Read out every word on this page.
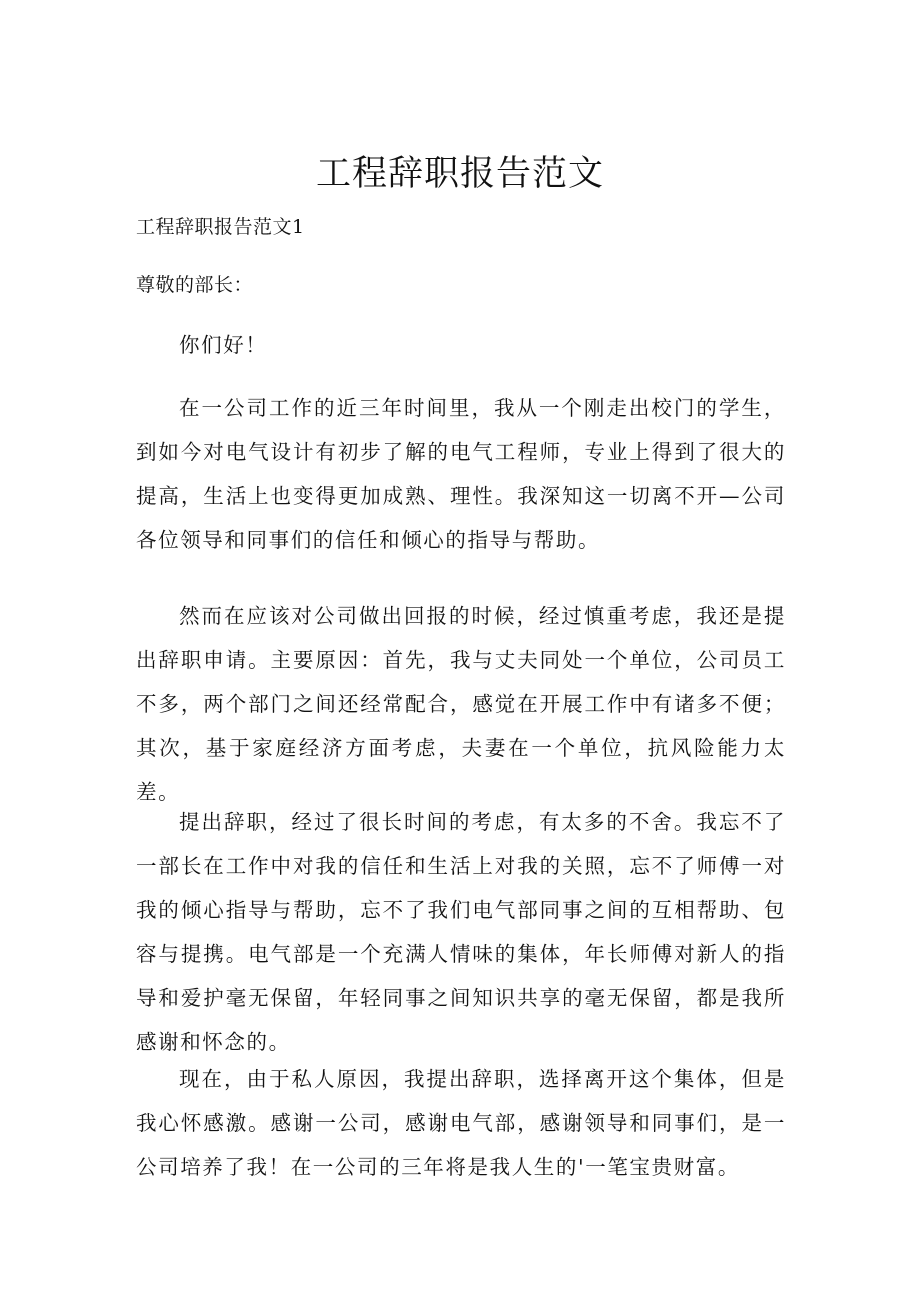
工程辞职报告范文
工程辞职报告范文1
尊敬的部长：

你们好！

在一公司工作的近三年时间里，我从一个刚走出校门的学生，到如今对电气设计有初步了解的电气工程师，专业上得到了很大的提高，生活上也变得更加成熟、理性。我深知这一切离不开—公司各位领导和同事们的信任和倾心的指导与帮助。

然而在应该对公司做出回报的时候，经过慎重考虑，我还是提出辞职申请。主要原因：首先，我与丈夫同处一个单位，公司员工不多，两个部门之间还经常配合，感觉在开展工作中有诸多不便；其次，基于家庭经济方面考虑，夫妻在一个单位，抗风险能力太差。

提出辞职，经过了很长时间的考虑，有太多的不舍。我忘不了一部长在工作中对我的信任和生活上对我的关照，忘不了师傅一对我的倾心指导与帮助，忘不了我们电气部同事之间的互相帮助、包容与提携。电气部是一个充满人情味的集体，年长师傅对新人的指导和爱护毫无保留，年轻同事之间知识共享的毫无保留，都是我所感谢和怀念的。

现在，由于私人原因，我提出辞职，选择离开这个集体，但是我心怀感激。感谢一公司，感谢电气部，感谢领导和同事们，是一公司培养了我！在一公司的三年将是我人生的'一笔宝贵财富。
